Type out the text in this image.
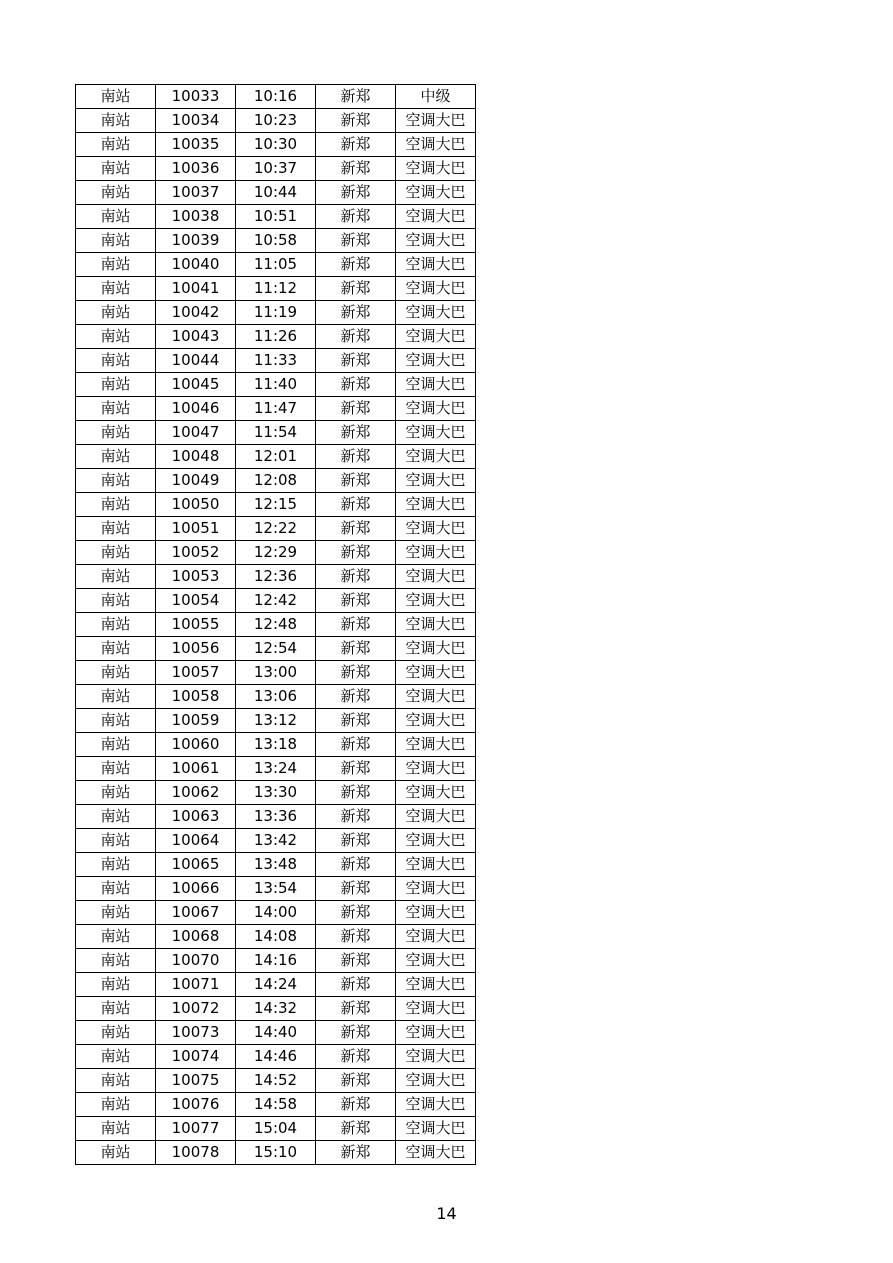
南站	10033	10:16	新郑	中级
南站	10034	10:23	新郑	空调大巴
南站	10035	10:30	新郑	空调大巴
南站	10036	10:37	新郑	空调大巴
南站	10037	10:44	新郑	空调大巴
南站	10038	10:51	新郑	空调大巴
南站	10039	10:58	新郑	空调大巴
南站	10040	11:05	新郑	空调大巴
南站	10041	11:12	新郑	空调大巴
南站	10042	11:19	新郑	空调大巴
南站	10043	11:26	新郑	空调大巴
南站	10044	11:33	新郑	空调大巴
南站	10045	11:40	新郑	空调大巴
南站	10046	11:47	新郑	空调大巴
南站	10047	11:54	新郑	空调大巴
南站	10048	12:01	新郑	空调大巴
南站	10049	12:08	新郑	空调大巴
南站	10050	12:15	新郑	空调大巴
南站	10051	12:22	新郑	空调大巴
南站	10052	12:29	新郑	空调大巴
南站	10053	12:36	新郑	空调大巴
南站	10054	12:42	新郑	空调大巴
南站	10055	12:48	新郑	空调大巴
南站	10056	12:54	新郑	空调大巴
南站	10057	13:00	新郑	空调大巴
南站	10058	13:06	新郑	空调大巴
南站	10059	13:12	新郑	空调大巴
南站	10060	13:18	新郑	空调大巴
南站	10061	13:24	新郑	空调大巴
南站	10062	13:30	新郑	空调大巴
南站	10063	13:36	新郑	空调大巴
南站	10064	13:42	新郑	空调大巴
南站	10065	13:48	新郑	空调大巴
南站	10066	13:54	新郑	空调大巴
南站	10067	14:00	新郑	空调大巴
南站	10068	14:08	新郑	空调大巴
南站	10070	14:16	新郑	空调大巴
南站	10071	14:24	新郑	空调大巴
南站	10072	14:32	新郑	空调大巴
南站	10073	14:40	新郑	空调大巴
南站	10074	14:46	新郑	空调大巴
南站	10075	14:52	新郑	空调大巴
南站	10076	14:58	新郑	空调大巴
南站	10077	15:04	新郑	空调大巴
南站	10078	15:10	新郑	空调大巴
14
